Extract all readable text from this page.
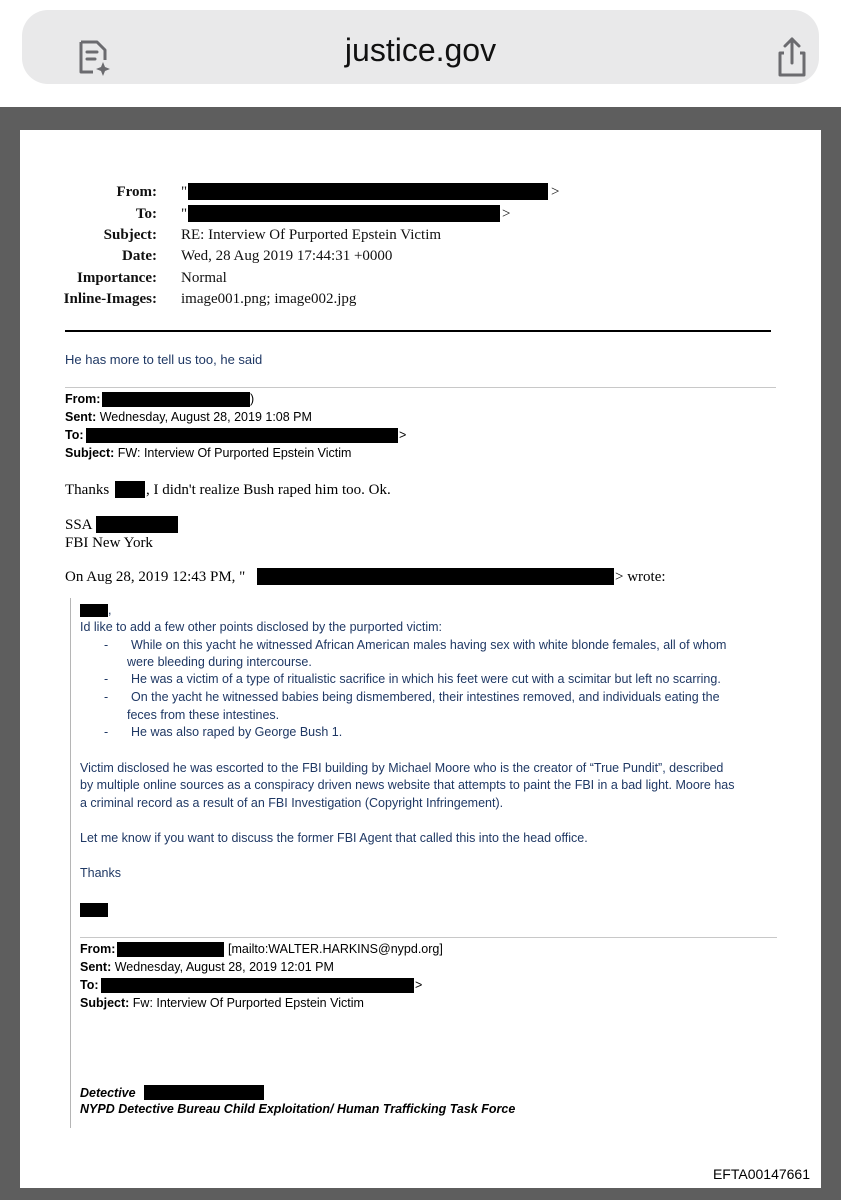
justice.gov
From: "	>
To: "	>
Subject: RE: Interview Of Purported Epstein Victim
Date: Wed, 28 Aug 2019 17:44:31 +0000
Importance: Normal
Inline-Images: image001.png; image002.jpg
He has more to tell us too, he said
From:	)
Sent: Wednesday, August 28, 2019 1:08 PM
To:	>
Subject: FW: Interview Of Purported Epstein Victim
Thanks , I didn't realize Bush raped him too. Ok.
SSA
FBI New York
On Aug 28, 2019 12:43 PM, "	> wrote:
,
Id like to add a few other points disclosed by the purported victim:
- While on this yacht he witnessed African American males having sex with white blonde females, all of whom
were bleeding during intercourse.
- He was a victim of a type of ritualistic sacrifice in which his feet were cut with a scimitar but left no scarring.
- On the yacht he witnessed babies being dismembered, their intestines removed, and individuals eating the
feces from these intestines.
- He was also raped by George Bush 1.
Victim disclosed he was escorted to the FBI building by Michael Moore who is the creator of “True Pundit”, described
by multiple online sources as a conspiracy driven news website that attempts to paint the FBI in a bad light. Moore has
a criminal record as a result of an FBI Investigation (Copyright Infringement).
Let me know if you want to discuss the former FBI Agent that called this into the head office.
Thanks
From:	[mailto:WALTER.HARKINS@nypd.org]
Sent: Wednesday, August 28, 2019 12:01 PM
To:	>
Subject: Fw: Interview Of Purported Epstein Victim
Detective
NYPD Detective Bureau Child Exploitation/ Human Trafficking Task Force
EFTA00147661
